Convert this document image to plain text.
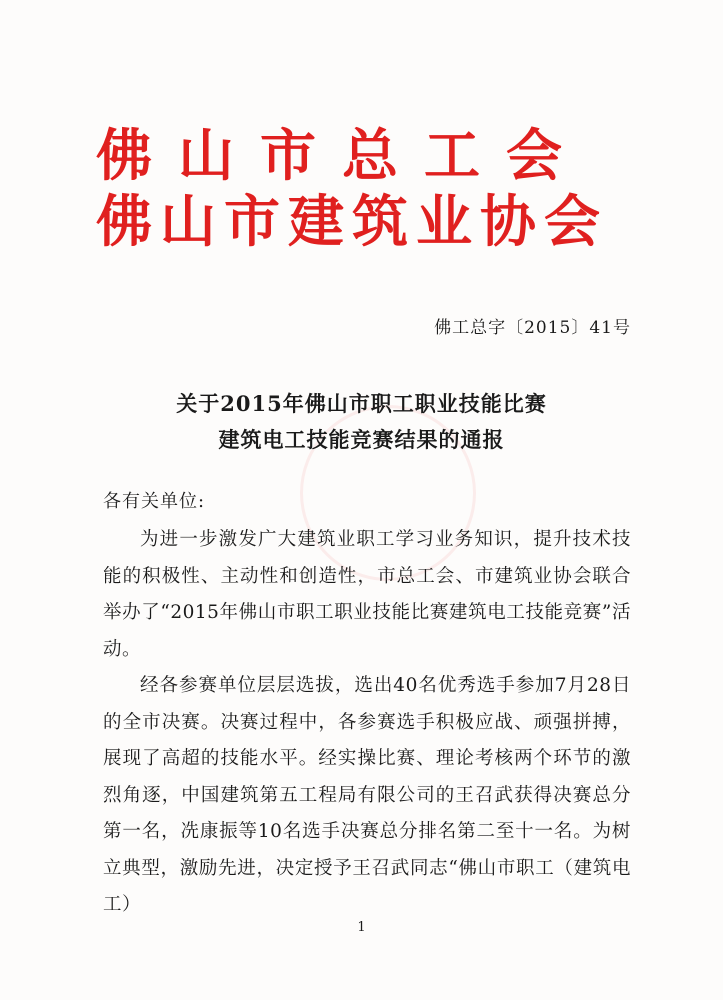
佛山市总工会
佛山市建筑业协会
佛工总字〔2015〕41号
关于2015年佛山市职工职业技能比赛
建筑电工技能竞赛结果的通报
各有关单位:

为进一步激发广大建筑业职工学习业务知识，提升技术技能的积极性、主动性和创造性，市总工会、市建筑业协会联合举办了“2015年佛山市职工职业技能比赛建筑电工技能竞赛”活动。

经各参赛单位层层选拔，选出40名优秀选手参加7月28日的全市决赛。决赛过程中，各参赛选手积极应战、顽强拼搏，展现了高超的技能水平。经实操比赛、理论考核两个环节的激烈角逐，中国建筑第五工程局有限公司的王召武获得决赛总分第一名，冼康振等10名选手决赛总分排名第二至十一名。为树立典型，激励先进，决定授予王召武同志“佛山市职工（建筑电工）

1
